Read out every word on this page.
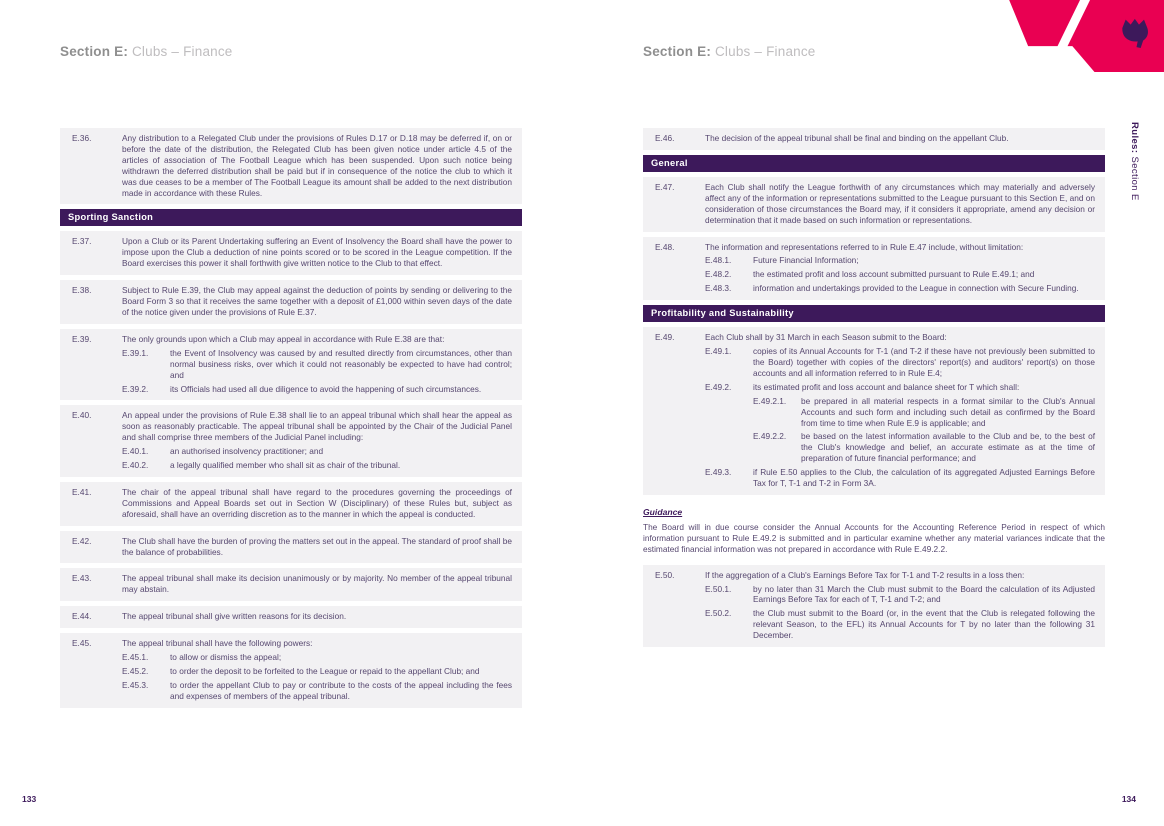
Rules: Section E
Section E: Clubs – Finance
E.36.	Any distribution to a Relegated Club under the provisions of Rules D.17 or D.18 may be deferred if, on or before the date of the distribution, the Relegated Club has been given notice under article 4.5 of the articles of association of The Football League which has been suspended. Upon such notice being withdrawn the deferred distribution shall be paid but if in consequence of the notice the club to which it was due ceases to be a member of The Football League its amount shall be added to the next distribution made in accordance with these Rules.
Sporting Sanction
E.37.	Upon a Club or its Parent Undertaking suffering an Event of Insolvency the Board shall have the power to impose upon the Club a deduction of nine points scored or to be scored in the League competition. If the Board exercises this power it shall forthwith give written notice to the Club to that effect.
E.38.	Subject to Rule E.39, the Club may appeal against the deduction of points by sending or delivering to the Board Form 3 so that it receives the same together with a deposit of £1,000 within seven days of the date of the notice given under the provisions of Rule E.37.
E.39.	The only grounds upon which a Club may appeal in accordance with Rule E.38 are that:
E.39.1.	the Event of Insolvency was caused by and resulted directly from circumstances, other than normal business risks, over which it could not reasonably be expected to have had control; and
E.39.2.	its Officials had used all due diligence to avoid the happening of such circumstances.
E.40.	An appeal under the provisions of Rule E.38 shall lie to an appeal tribunal which shall hear the appeal as soon as reasonably practicable. The appeal tribunal shall be appointed by the Chair of the Judicial Panel and shall comprise three members of the Judicial Panel including:
E.40.1.	an authorised insolvency practitioner; and
E.40.2.	a legally qualified member who shall sit as chair of the tribunal.
E.41.	The chair of the appeal tribunal shall have regard to the procedures governing the proceedings of Commissions and Appeal Boards set out in Section W (Disciplinary) of these Rules but, subject as aforesaid, shall have an overriding discretion as to the manner in which the appeal is conducted.
E.42.	The Club shall have the burden of proving the matters set out in the appeal. The standard of proof shall be the balance of probabilities.
E.43.	The appeal tribunal shall make its decision unanimously or by majority. No member of the appeal tribunal may abstain.
E.44.	The appeal tribunal shall give written reasons for its decision.
E.45.	The appeal tribunal shall have the following powers:
E.45.1.	to allow or dismiss the appeal;
E.45.2.	to order the deposit to be forfeited to the League or repaid to the appellant Club; and
E.45.3.	to order the appellant Club to pay or contribute to the costs of the appeal including the fees and expenses of members of the appeal tribunal.
Section E: Clubs – Finance
E.46.	The decision of the appeal tribunal shall be final and binding on the appellant Club.
General
E.47.	Each Club shall notify the League forthwith of any circumstances which may materially and adversely affect any of the information or representations submitted to the League pursuant to this Section E, and on consideration of those circumstances the Board may, if it considers it appropriate, amend any decision or determination that it made based on such information or representations.
E.48.	The information and representations referred to in Rule E.47 include, without limitation:
E.48.1.	Future Financial Information;
E.48.2.	the estimated profit and loss account submitted pursuant to Rule E.49.1; and
E.48.3.	information and undertakings provided to the League in connection with Secure Funding.
Profitability and Sustainability
E.49.	Each Club shall by 31 March in each Season submit to the Board:
E.49.1.	copies of its Annual Accounts for T-1 (and T-2 if these have not previously been submitted to the Board) together with copies of the directors' report(s) and auditors' report(s) on those accounts and all information referred to in Rule E.4;
E.49.2.	its estimated profit and loss account and balance sheet for T which shall:
E.49.2.1.	be prepared in all material respects in a format similar to the Club's Annual Accounts and such form and including such detail as confirmed by the Board from time to time when Rule E.9 is applicable; and
E.49.2.2.	be based on the latest information available to the Club and be, to the best of the Club's knowledge and belief, an accurate estimate as at the time of preparation of future financial performance; and
E.49.3.	if Rule E.50 applies to the Club, the calculation of its aggregated Adjusted Earnings Before Tax for T, T-1 and T-2 in Form 3A.
Guidance

The Board will in due course consider the Annual Accounts for the Accounting Reference Period in respect of which information pursuant to Rule E.49.2 is submitted and in particular examine whether any material variances indicate that the estimated financial information was not prepared in accordance with Rule E.49.2.2.

E.50.	If the aggregation of a Club's Earnings Before Tax for T-1 and T-2 results in a loss then:
E.50.1.	by no later than 31 March the Club must submit to the Board the calculation of its Adjusted Earnings Before Tax for each of T, T-1 and T-2; and
E.50.2.	the Club must submit to the Board (or, in the event that the Club is relegated following the relevant Season, to the EFL) its Annual Accounts for T by no later than the following 31 December.
133	134
